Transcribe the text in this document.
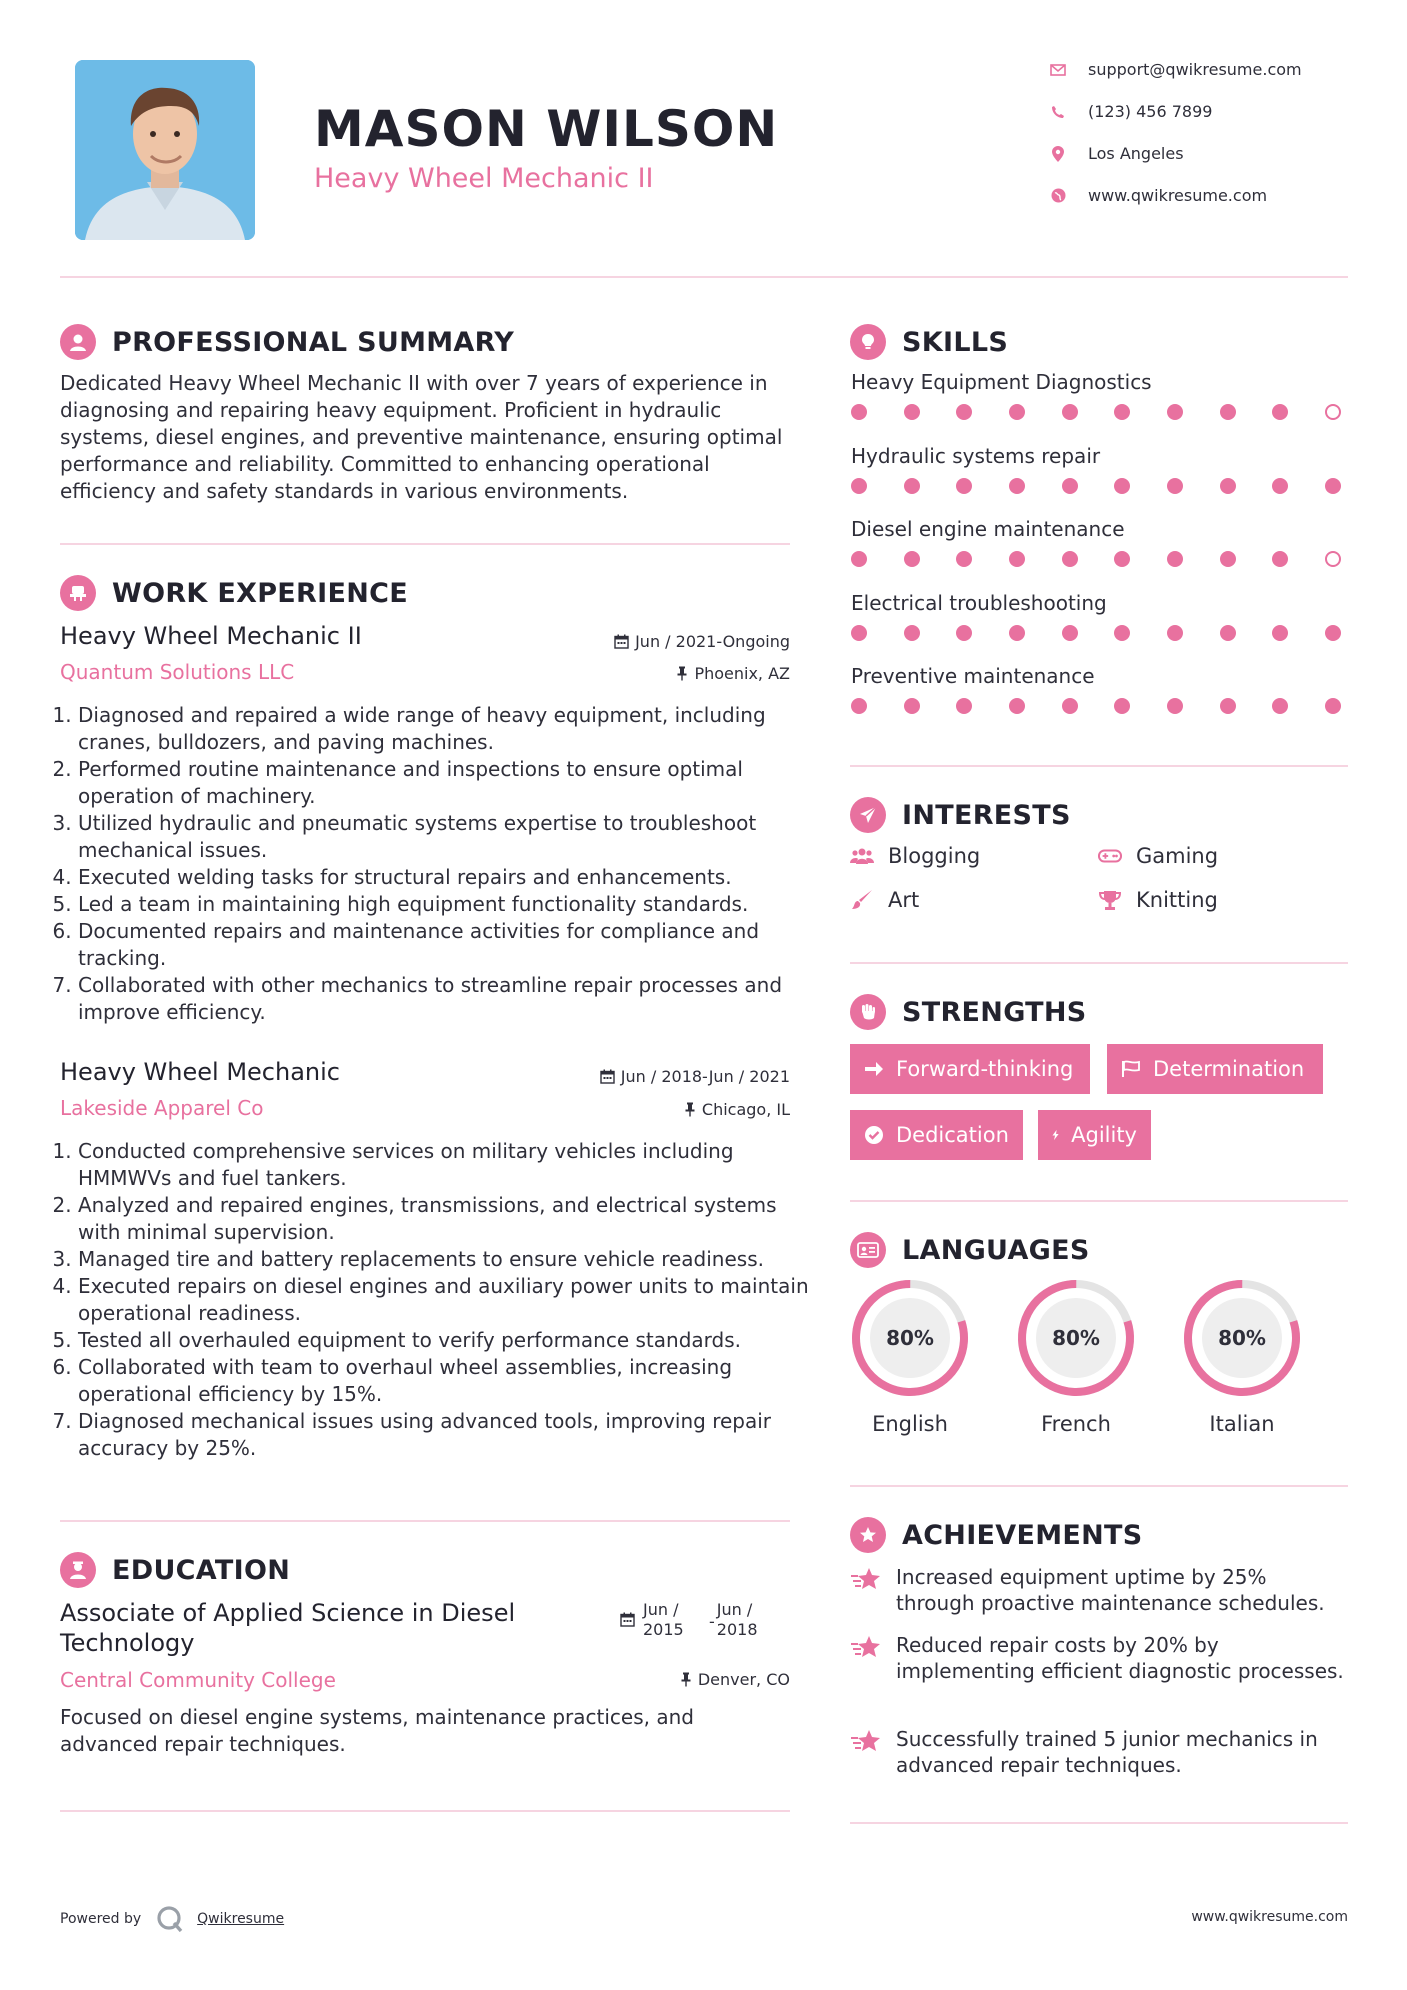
MASON WILSON
Heavy Wheel Mechanic II
support@qwikresume.com
(123) 456 7899
Los Angeles
www.qwikresume.com
PROFESSIONAL SUMMARY
Dedicated Heavy Wheel Mechanic II with over 7 years of experience in diagnosing and repairing heavy equipment. Proficient in hydraulic systems, diesel engines, and preventive maintenance, ensuring optimal performance and reliability. Committed to enhancing operational efficiency and safety standards in various environments.
WORK EXPERIENCE
Heavy Wheel Mechanic II	Jun / 2021-Ongoing
Quantum Solutions LLC	Phoenix, AZ
1. Diagnosed and repaired a wide range of heavy equipment, including cranes, bulldozers, and paving machines.
2. Performed routine maintenance and inspections to ensure optimal operation of machinery.
3. Utilized hydraulic and pneumatic systems expertise to troubleshoot mechanical issues.
4. Executed welding tasks for structural repairs and enhancements.
5. Led a team in maintaining high equipment functionality standards.
6. Documented repairs and maintenance activities for compliance and tracking.
7. Collaborated with other mechanics to streamline repair processes and improve efficiency.
Heavy Wheel Mechanic	Jun / 2018-Jun / 2021
Lakeside Apparel Co	Chicago, IL
1. Conducted comprehensive services on military vehicles including HMMWVs and fuel tankers.
2. Analyzed and repaired engines, transmissions, and electrical systems with minimal supervision.
3. Managed tire and battery replacements to ensure vehicle readiness.
4. Executed repairs on diesel engines and auxiliary power units to maintain operational readiness.
5. Tested all overhauled equipment to verify performance standards.
6. Collaborated with team to overhaul wheel assemblies, increasing operational efficiency by 15%.
7. Diagnosed mechanical issues using advanced tools, improving repair accuracy by 25%.
EDUCATION
Associate of Applied Science in Diesel Technology
Jun / 2015	-
Jun / 2018
Central Community College	Denver, CO
Focused on diesel engine systems, maintenance practices, and advanced repair techniques.
SKILLS
Heavy Equipment Diagnostics
Hydraulic systems repair
Diesel engine maintenance
Electrical troubleshooting
Preventive maintenance
INTERESTS
Blogging	Gaming
Art	Knitting
STRENGTHS
Forward-thinking	Determination
Dedication	Agility
LANGUAGES
80%
English
80%
French
80%
Italian
ACHIEVEMENTS
Increased equipment uptime by 25% through proactive maintenance schedules.
Reduced repair costs by 20% by implementing efficient diagnostic processes.
Successfully trained 5 junior mechanics in advanced repair techniques.
Powered by	Qwikresume	www.qwikresume.com
